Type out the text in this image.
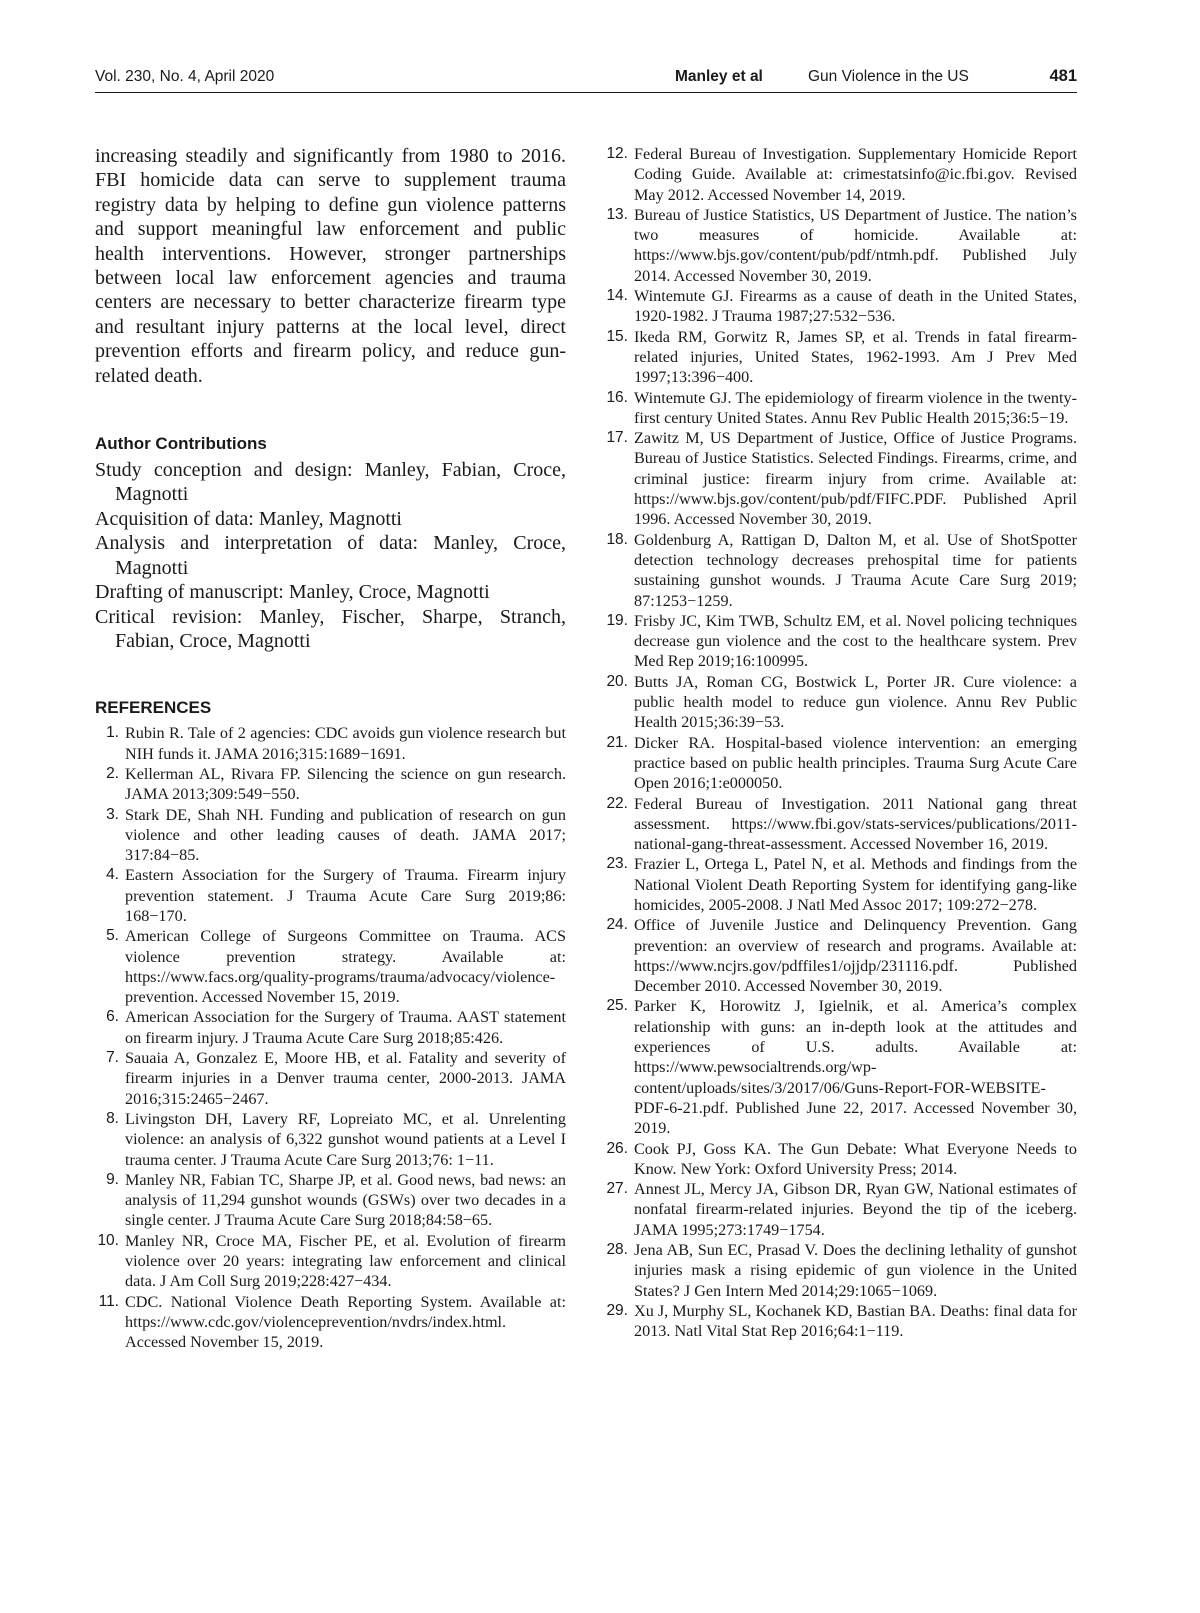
Vol. 230, No. 4, April 2020	Manley et al	Gun Violence in the US	481

increasing steadily and significantly from 1980 to 2016. FBI homicide data can serve to supplement trauma registry data by helping to define gun violence patterns and support meaningful law enforcement and public health interventions. However, stronger partnerships between local law enforcement agencies and trauma centers are necessary to better characterize firearm type and resultant injury patterns at the local level, direct prevention efforts and firearm policy, and reduce gun-related death.

Author Contributions
Study conception and design: Manley, Fabian, Croce, Magnotti
Acquisition of data: Manley, Magnotti
Analysis and interpretation of data: Manley, Croce, Magnotti
Drafting of manuscript: Manley, Croce, Magnotti
Critical revision: Manley, Fischer, Sharpe, Stranch, Fabian, Croce, Magnotti
REFERENCES
1. Rubin R. Tale of 2 agencies: CDC avoids gun violence research but NIH funds it. JAMA 2016;315:1689−1691.
2. Kellerman AL, Rivara FP. Silencing the science on gun research. JAMA 2013;309:549−550.
3. Stark DE, Shah NH. Funding and publication of research on gun violence and other leading causes of death. JAMA 2017; 317:84−85.
4. Eastern Association for the Surgery of Trauma. Firearm injury prevention statement. J Trauma Acute Care Surg 2019;86: 168−170.
5. American College of Surgeons Committee on Trauma. ACS violence prevention strategy. Available at: https://www.facs.org/quality-programs/trauma/advocacy/violence-prevention. Accessed November 15, 2019.
6. American Association for the Surgery of Trauma. AAST statement on firearm injury. J Trauma Acute Care Surg 2018;85:426.
7. Sauaia A, Gonzalez E, Moore HB, et al. Fatality and severity of firearm injuries in a Denver trauma center, 2000-2013. JAMA 2016;315:2465−2467.
8. Livingston DH, Lavery RF, Lopreiato MC, et al. Unrelenting violence: an analysis of 6,322 gunshot wound patients at a Level I trauma center. J Trauma Acute Care Surg 2013;76: 1−11.
9. Manley NR, Fabian TC, Sharpe JP, et al. Good news, bad news: an analysis of 11,294 gunshot wounds (GSWs) over two decades in a single center. J Trauma Acute Care Surg 2018;84:58−65.
10. Manley NR, Croce MA, Fischer PE, et al. Evolution of firearm violence over 20 years: integrating law enforcement and clinical data. J Am Coll Surg 2019;228:427−434.
11. CDC. National Violence Death Reporting System. Available at: https://www.cdc.gov/violenceprevention/nvdrs/index.html. Accessed November 15, 2019.
12. Federal Bureau of Investigation. Supplementary Homicide Report Coding Guide. Available at: crimestatsinfo@ic.fbi.gov. Revised May 2012. Accessed November 14, 2019.
13. Bureau of Justice Statistics, US Department of Justice. The nation’s two measures of homicide. Available at: https://www.bjs.gov/content/pub/pdf/ntmh.pdf. Published July 2014. Accessed November 30, 2019.
14. Wintemute GJ. Firearms as a cause of death in the United States, 1920-1982. J Trauma 1987;27:532−536.
15. Ikeda RM, Gorwitz R, James SP, et al. Trends in fatal firearm-related injuries, United States, 1962-1993. Am J Prev Med 1997;13:396−400.
16. Wintemute GJ. The epidemiology of firearm violence in the twenty-first century United States. Annu Rev Public Health 2015;36:5−19.
17. Zawitz M, US Department of Justice, Office of Justice Programs. Bureau of Justice Statistics. Selected Findings. Firearms, crime, and criminal justice: firearm injury from crime. Available at: https://www.bjs.gov/content/pub/pdf/FIFC.PDF. Published April 1996. Accessed November 30, 2019.
18. Goldenburg A, Rattigan D, Dalton M, et al. Use of ShotSpotter detection technology decreases prehospital time for patients sustaining gunshot wounds. J Trauma Acute Care Surg 2019; 87:1253−1259.
19. Frisby JC, Kim TWB, Schultz EM, et al. Novel policing techniques decrease gun violence and the cost to the healthcare system. Prev Med Rep 2019;16:100995.
20. Butts JA, Roman CG, Bostwick L, Porter JR. Cure violence: a public health model to reduce gun violence. Annu Rev Public Health 2015;36:39−53.
21. Dicker RA. Hospital-based violence intervention: an emerging practice based on public health principles. Trauma Surg Acute Care Open 2016;1:e000050.
22. Federal Bureau of Investigation. 2011 National gang threat assessment. https://www.fbi.gov/stats-services/publications/2011-national-gang-threat-assessment. Accessed November 16, 2019.
23. Frazier L, Ortega L, Patel N, et al. Methods and findings from the National Violent Death Reporting System for identifying gang-like homicides, 2005-2008. J Natl Med Assoc 2017; 109:272−278.
24. Office of Juvenile Justice and Delinquency Prevention. Gang prevention: an overview of research and programs. Available at: https://www.ncjrs.gov/pdffiles1/ojjdp/231116.pdf. Published December 2010. Accessed November 30, 2019.
25. Parker K, Horowitz J, Igielnik, et al. America’s complex relationship with guns: an in-depth look at the attitudes and experiences of U.S. adults. Available at: https://www.pewsocialtrends.org/wp-content/uploads/sites/3/2017/06/Guns-Report-FOR-WEBSITE-PDF-6-21.pdf. Published June 22, 2017. Accessed November 30, 2019.
26. Cook PJ, Goss KA. The Gun Debate: What Everyone Needs to Know. New York: Oxford University Press; 2014.
27. Annest JL, Mercy JA, Gibson DR, Ryan GW, National estimates of nonfatal firearm-related injuries. Beyond the tip of the iceberg. JAMA 1995;273:1749−1754.
28. Jena AB, Sun EC, Prasad V. Does the declining lethality of gunshot injuries mask a rising epidemic of gun violence in the United States? J Gen Intern Med 2014;29:1065−1069.
29. Xu J, Murphy SL, Kochanek KD, Bastian BA. Deaths: final data for 2013. Natl Vital Stat Rep 2016;64:1−119.
